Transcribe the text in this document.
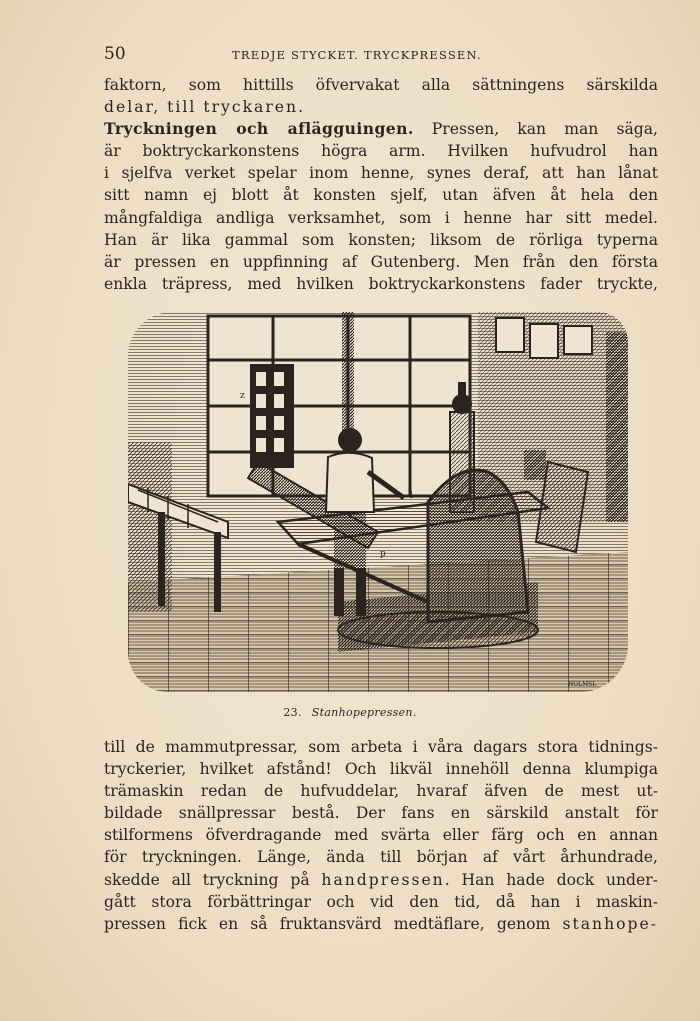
50	TREDJE STYCKET. TRYCKPRESSEN.
faktorn, som hittills öfvervakat alla sättningens särskilda
delar, till tryckaren.
Tryckningen och aflägguingen. Pressen, kan man säga,
är boktryckarkonstens högra arm. Hvilken hufvudrol han
i sjelfva verket spelar inom henne, synes deraf, att han lånat
sitt namn ej blott åt konsten sjelf, utan äfven åt hela den
mångfaldiga andliga verksamhet, som i henne har sitt medel.
Han är lika gammal som konsten; liksom de rörliga typerna
är pressen en uppfinning af Gutenberg. Men från den första
enkla träpress, med hvilken boktryckarkonstens fader tryckte,
z
l
p
HOLMSL
23. Stanhopepressen.
till de mammutpressar, som arbeta i våra dagars stora tidnings-
tryckerier, hvilket afstånd! Och likväl innehöll denna klumpiga
trämaskin redan de hufvuddelar, hvaraf äfven de mest ut-
bildade snällpressar bestå. Der fans en särskild anstalt för
stilformens öfverdragande med svärta eller färg och en annan
för tryckningen. Länge, ända till början af vårt århundrade,
skedde all tryckning på handpressen. Han hade dock under-
gått stora förbättringar och vid den tid, då han i maskin-
pressen fick en så fruktansvärd medtäflare, genom stanhope-
